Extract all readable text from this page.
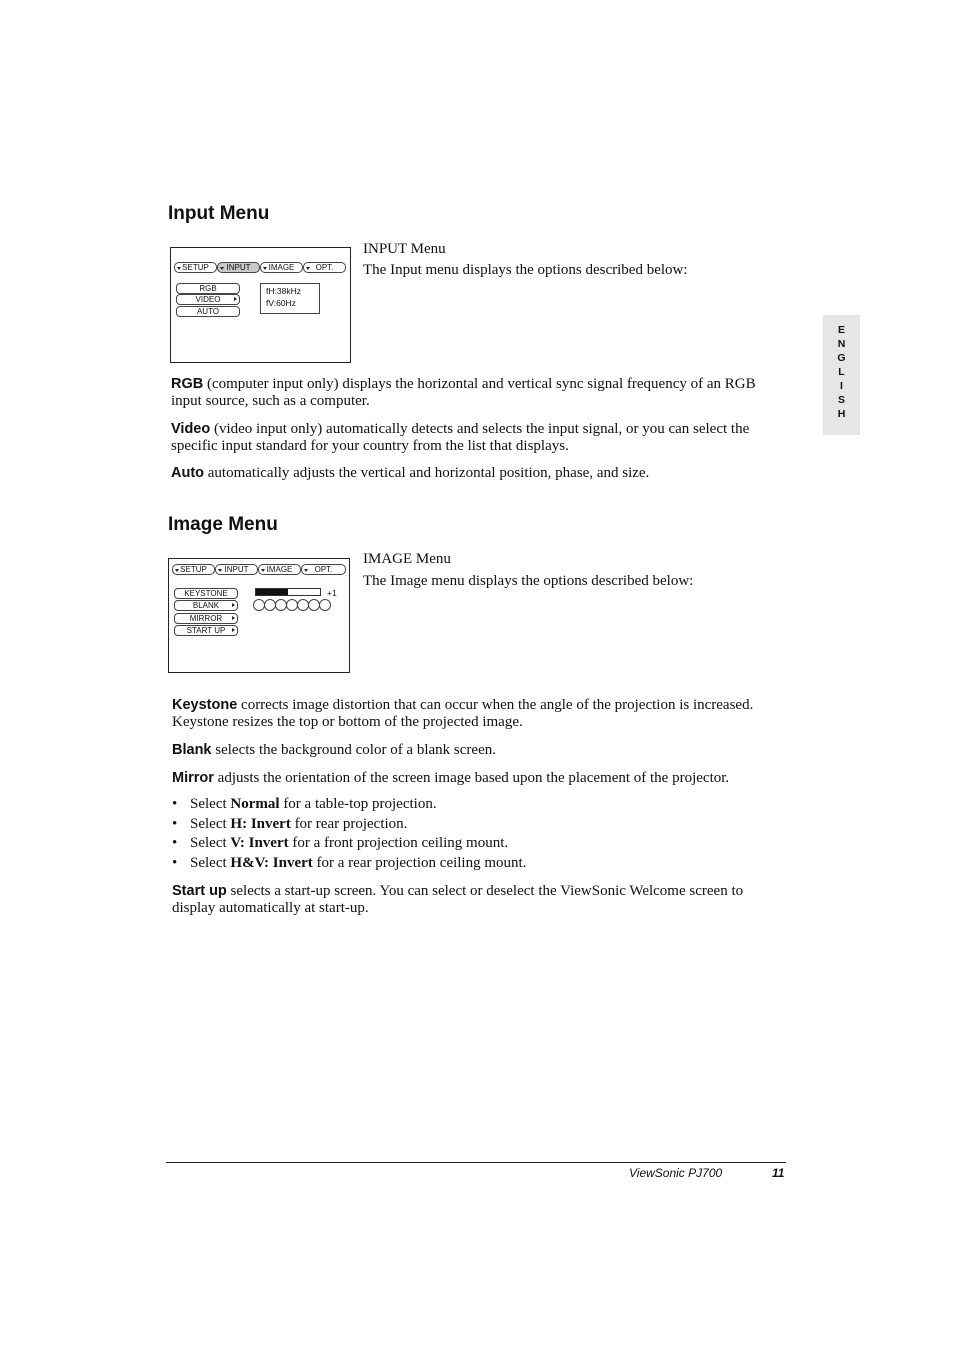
Input Menu
SETUP	INPUT	IMAGE	OPT.
RGB
VIDEO
AUTO
fH:38kHz
fV:60Hz
INPUT Menu
The Input menu displays the options described below:
RGB (computer input only) displays the horizontal and vertical sync signal frequency of an RGB input source, such as a computer.
Video (video input only) automatically detects and selects the input signal, or you can select the specific input standard for your country from the list that displays.
Auto automatically adjusts the vertical and horizontal position, phase, and size.
Image Menu
SETUP	INPUT	IMAGE	OPT.
KEYSTONE
BLANK
MIRROR
START UP
+1
IMAGE Menu
The Image menu displays the options described below:
Keystone corrects image distortion that can occur when the angle of the projection is increased. Keystone resizes the top or bottom of the projected image.
Blank selects the background color of a blank screen.
Mirror adjusts the orientation of the screen image based upon the placement of the projector.
• Select Normal for a table-top projection.
• Select H: Invert for rear projection.
• Select V: Invert for a front projection ceiling mount.
• Select H&V: Invert for a rear projection ceiling mount.
Start up selects a start-up screen. You can select or deselect the ViewSonic Welcome screen to display automatically at start-up.
E
N
G
L
I
S
H
ViewSonic PJ700	11
